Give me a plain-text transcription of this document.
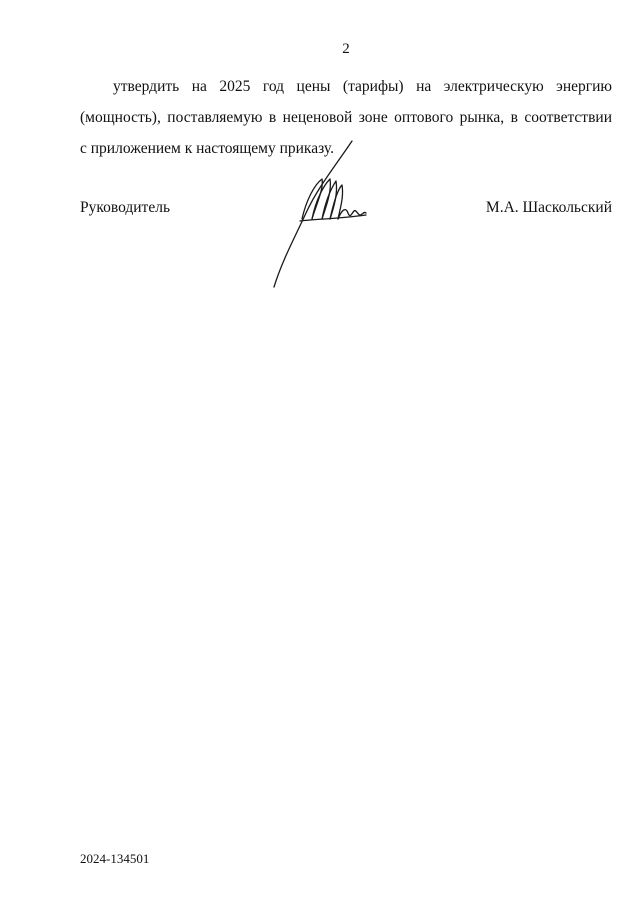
2
утвердить на 2025 год цены (тарифы) на электрическую энергию
(мощность), поставляемую в неценовой зоне оптового рынка, в соответствии
с приложением к настоящему приказу.
Руководитель	М.А. Шаскольский
2024-134501
